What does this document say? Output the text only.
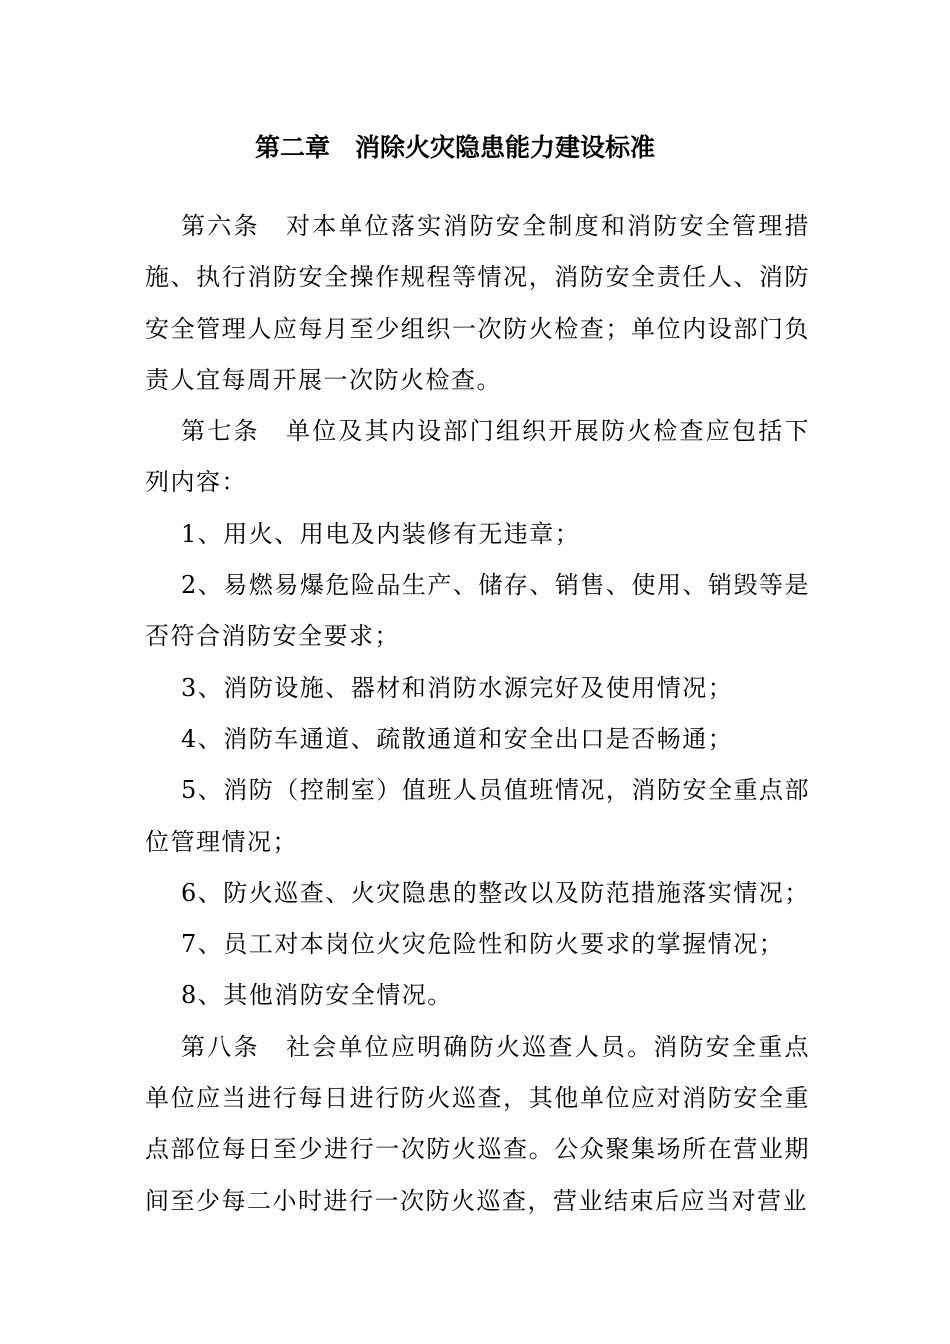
第二章　消除火灾隐患能力建设标准

第六条　对本单位落实消防安全制度和消防安全管理措施、执行消防安全操作规程等情况，消防安全责任人、消防安全管理人应每月至少组织一次防火检查；单位内设部门负责人宜每周开展一次防火检查。

第七条　单位及其内设部门组织开展防火检查应包括下列内容：

1、用火、用电及内装修有无违章；

2、易燃易爆危险品生产、储存、销售、使用、销毁等是否符合消防安全要求；

3、消防设施、器材和消防水源完好及使用情况；

4、消防车通道、疏散通道和安全出口是否畅通；

5、消防（控制室）值班人员值班情况，消防安全重点部位管理情况；

6、防火巡查、火灾隐患的整改以及防范措施落实情况；

7、员工对本岗位火灾危险性和防火要求的掌握情况；

8、其他消防安全情况。

第八条　社会单位应明确防火巡查人员。消防安全重点单位应当进行每日进行防火巡查，其他单位应对消防安全重点部位每日至少进行一次防火巡查。公众聚集场所在营业期间至少每二小时进行一次防火巡查，营业结束后应当对营业
